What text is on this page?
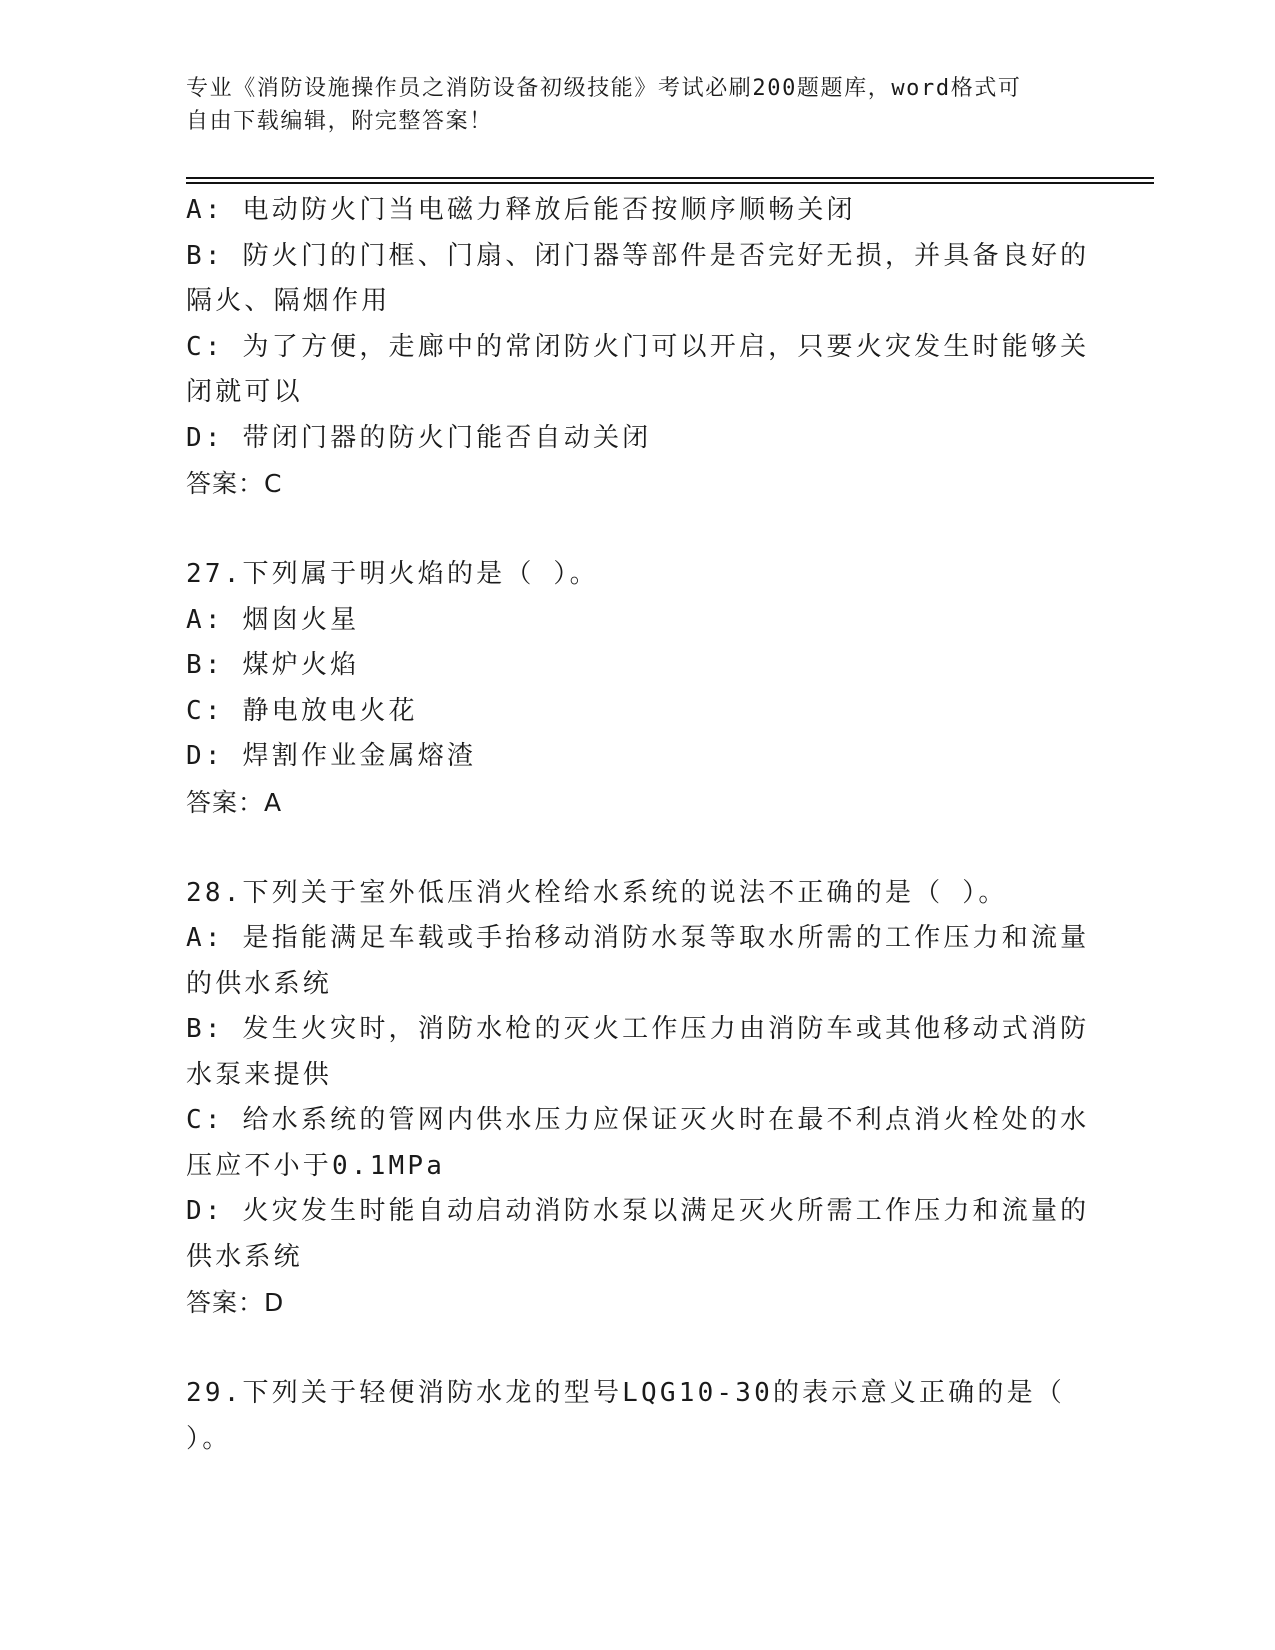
专业《消防设施操作员之消防设备初级技能》考试必刷200题题库，word格式可
自由下载编辑，附完整答案！
A: 电动防火门当电磁力释放后能否按顺序顺畅关闭
B: 防火门的门框、门扇、闭门器等部件是否完好无损，并具备良好的
隔火、隔烟作用
C: 为了方便，走廊中的常闭防火门可以开启，只要火灾发生时能够关
闭就可以
D: 带闭门器的防火门能否自动关闭
答案：C
27.下列属于明火焰的是（ ）。
A: 烟囱火星
B: 煤炉火焰
C: 静电放电火花
D: 焊割作业金属熔渣
答案：A
28.下列关于室外低压消火栓给水系统的说法不正确的是（ ）。
A: 是指能满足车载或手抬移动消防水泵等取水所需的工作压力和流量
的供水系统
B: 发生火灾时，消防水枪的灭火工作压力由消防车或其他移动式消防
水泵来提供
C: 给水系统的管网内供水压力应保证灭火时在最不利点消火栓处的水
压应不小于0.1MPa
D: 火灾发生时能自动启动消防水泵以满足灭火所需工作压力和流量的
供水系统
答案：D
29.下列关于轻便消防水龙的型号LQG10-30的表示意义正确的是（
）。
